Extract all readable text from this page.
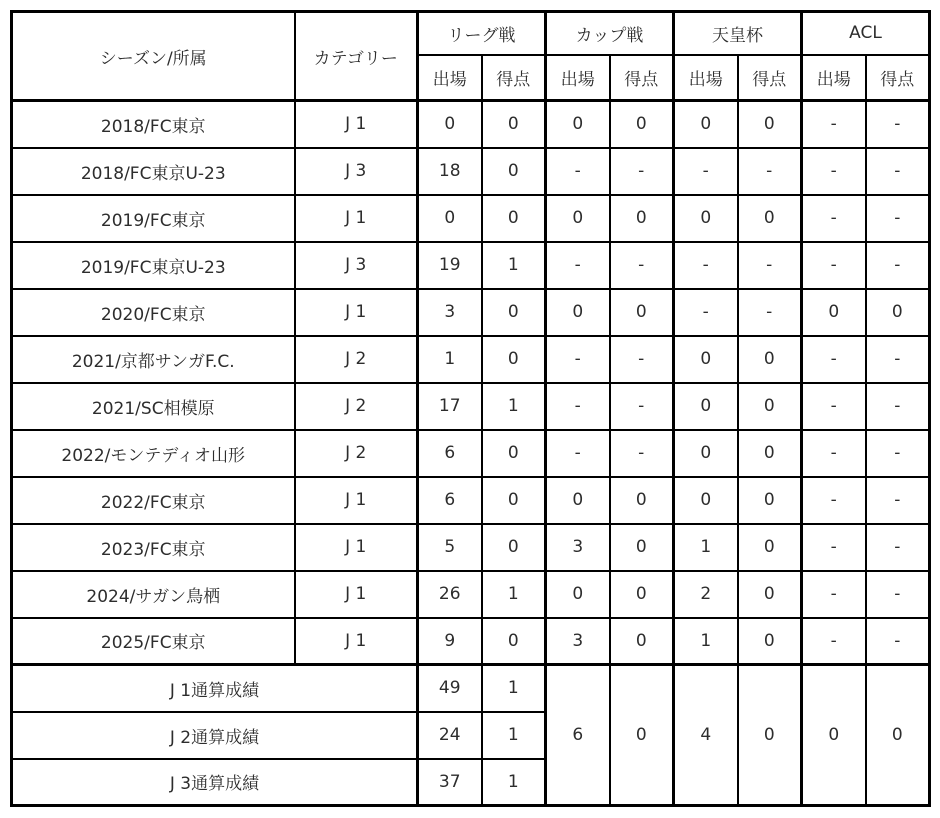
シーズン/所属	カテゴリー	リーグ戦		カップ戦		天皇杯		ACL	
		出場	得点	出場	得点	出場	得点	出場	得点
2018/FC東京	J 1	0	0	0	0	0	0	-	-
2018/FC東京U-23	J 3	18	0	-	-	-	-	-	-
2019/FC東京	J 1	0	0	0	0	0	0	-	-
2019/FC東京U-23	J 3	19	1	-	-	-	-	-	-
2020/FC東京	J 1	3	0	0	0	-	-	0	0
2021/京都サンガF.C.	J 2	1	0	-	-	0	0	-	-
2021/SC相模原	J 2	17	1	-	-	0	0	-	-
2022/モンテディオ山形	J 2	6	0	-	-	0	0	-	-
2022/FC東京	J 1	6	0	0	0	0	0	-	-
2023/FC東京	J 1	5	0	3	0	1	0	-	-
2024/サガン鳥栖	J 1	26	1	0	0	2	0	-	-
2025/FC東京	J 1	9	0	3	0	1	0	-	-
J 1通算成績		49	1	6	0	4	0	0	0
J 2通算成績		24	1						
J 3通算成績		37	1						
